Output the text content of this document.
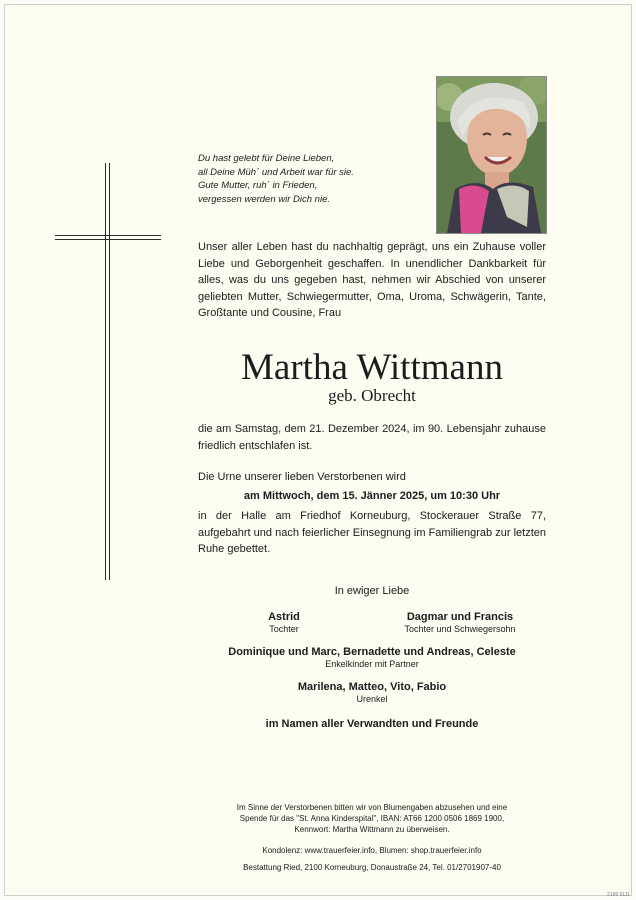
Du hast gelebt für Deine Lieben,
all Deine Müh´ und Arbeit war für sie.
Gute Mutter, ruh´ in Frieden,
vergessen werden wir Dich nie.
Unser aller Leben hast du nachhaltig geprägt, uns ein Zuhause voller Liebe und Geborgenheit geschaffen. In unendlicher Dankbarkeit für alles, was du uns gegeben hast, nehmen wir Abschied von unserer geliebten Mutter, Schwiegermutter, Oma, Uroma, Schwägerin, Tante, Großtante und Cousine, Frau
Martha Wittmann
geb. Obrecht
die am Samstag, dem 21. Dezember 2024, im 90. Lebensjahr zuhause friedlich entschlafen ist.
Die Urne unserer lieben Verstorbenen wird
am Mittwoch, dem 15. Jänner 2025, um 10:30 Uhr
in der Halle am Friedhof Korneuburg, Stockerauer Straße 77, aufgebahrt und nach feierlicher Einsegnung im Familiengrab zur letzten Ruhe gebettet.
In ewiger Liebe
Astrid
Tochter
Dagmar und Francis
Tochter und Schwiegersohn
Dominique und Marc, Bernadette und Andreas, Celeste
Enkelkinder mit Partner
Marilena, Matteo, Vito, Fabio
Urenkel
im Namen aller Verwandten und Freunde
Im Sinne der Verstorbenen bitten wir von Blumengaben abzusehen und eine
Spende für das "St. Anna Kinderspital", IBAN: AT66 1200 0506 1869 1900,
Kennwort: Martha Wittmann zu überweisen.
Kondolenz: www.trauerfeier.info, Blumen: shop.trauerfeier.info
Bestattung Ried, 2100 Korneuburg, Donaustraße 24, Tel. 01/2701907-40
2109 6111
